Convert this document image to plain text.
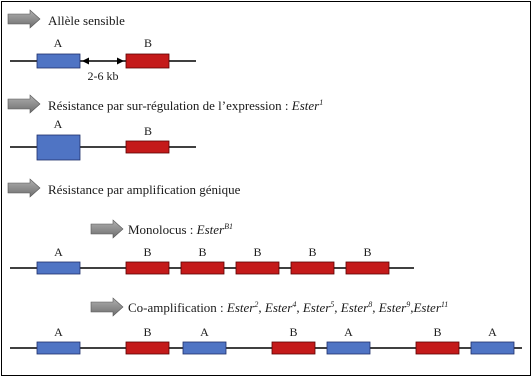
Allèle sensible
A	B
2-6 kb
Résistance par sur-régulation de l’expression : Ester$^1$
A	B
Résistance par amplification génique
Monolocus : Ester$^{B1}$
A	B	B	B	B	B
Co-amplification : Ester$^2$, Ester$^4$, Ester$^5$, Ester$^8$, Ester$^9$,Ester$^{11}$
A	B	A	B	A	B	A
